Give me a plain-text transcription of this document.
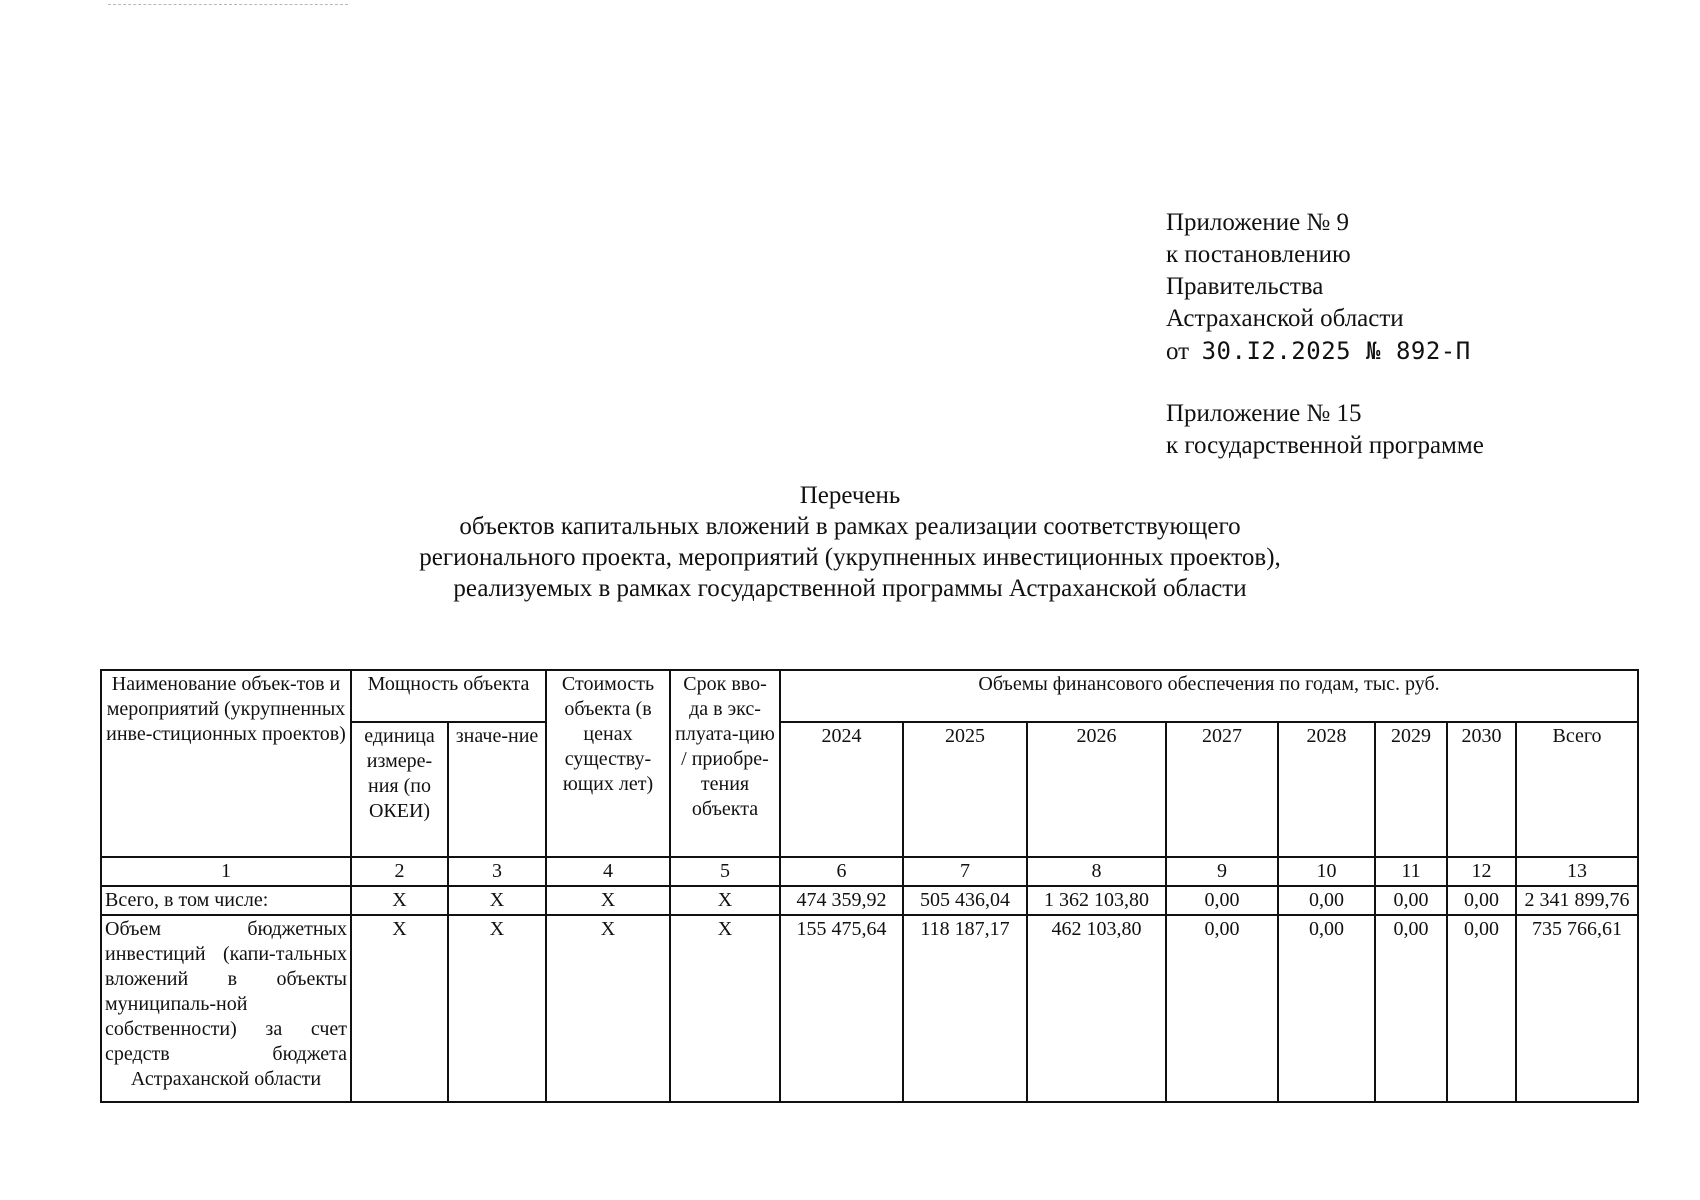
Приложение № 9
к постановлению
Правительства
Астраханской области
от 30.I2.2025 № 892-П
Приложение № 15
к государственной программе
Перечень
объектов капитальных вложений в рамках реализации соответствующего
регионального проекта, мероприятий (укрупненных инвестиционных проектов),
реализуемых в рамках государственной программы Астраханской области
Наименование объек-тов и мероприятий (укрупненных инве-стиционных проектов)	Мощность объекта		Стоимость объекта (в ценах существу-ющих лет)	Срок вво-да в экс-плуата-цию / приобре-тения объекта	Объемы финансового обеспечения по годам, тыс. руб.							
	единица измере-ния (по ОКЕИ)	значе-ние			2024	2025	2026	2027	2028	2029	2030	Всего
1	2	3	4	5	6	7	8	9	10	11	12	13
Всего, в том числе:	Х	Х	Х	Х	474 359,92	505 436,04	1 362 103,80	0,00	0,00	0,00	0,00	2 341 899,76
Объем бюджетных инвестиций (капи-тальных вложений в объекты муниципаль-ной собственности) за счет средств бюджета Астраханской области	Х	Х	Х	Х	155 475,64	118 187,17	462 103,80	0,00	0,00	0,00	0,00	735 766,61
